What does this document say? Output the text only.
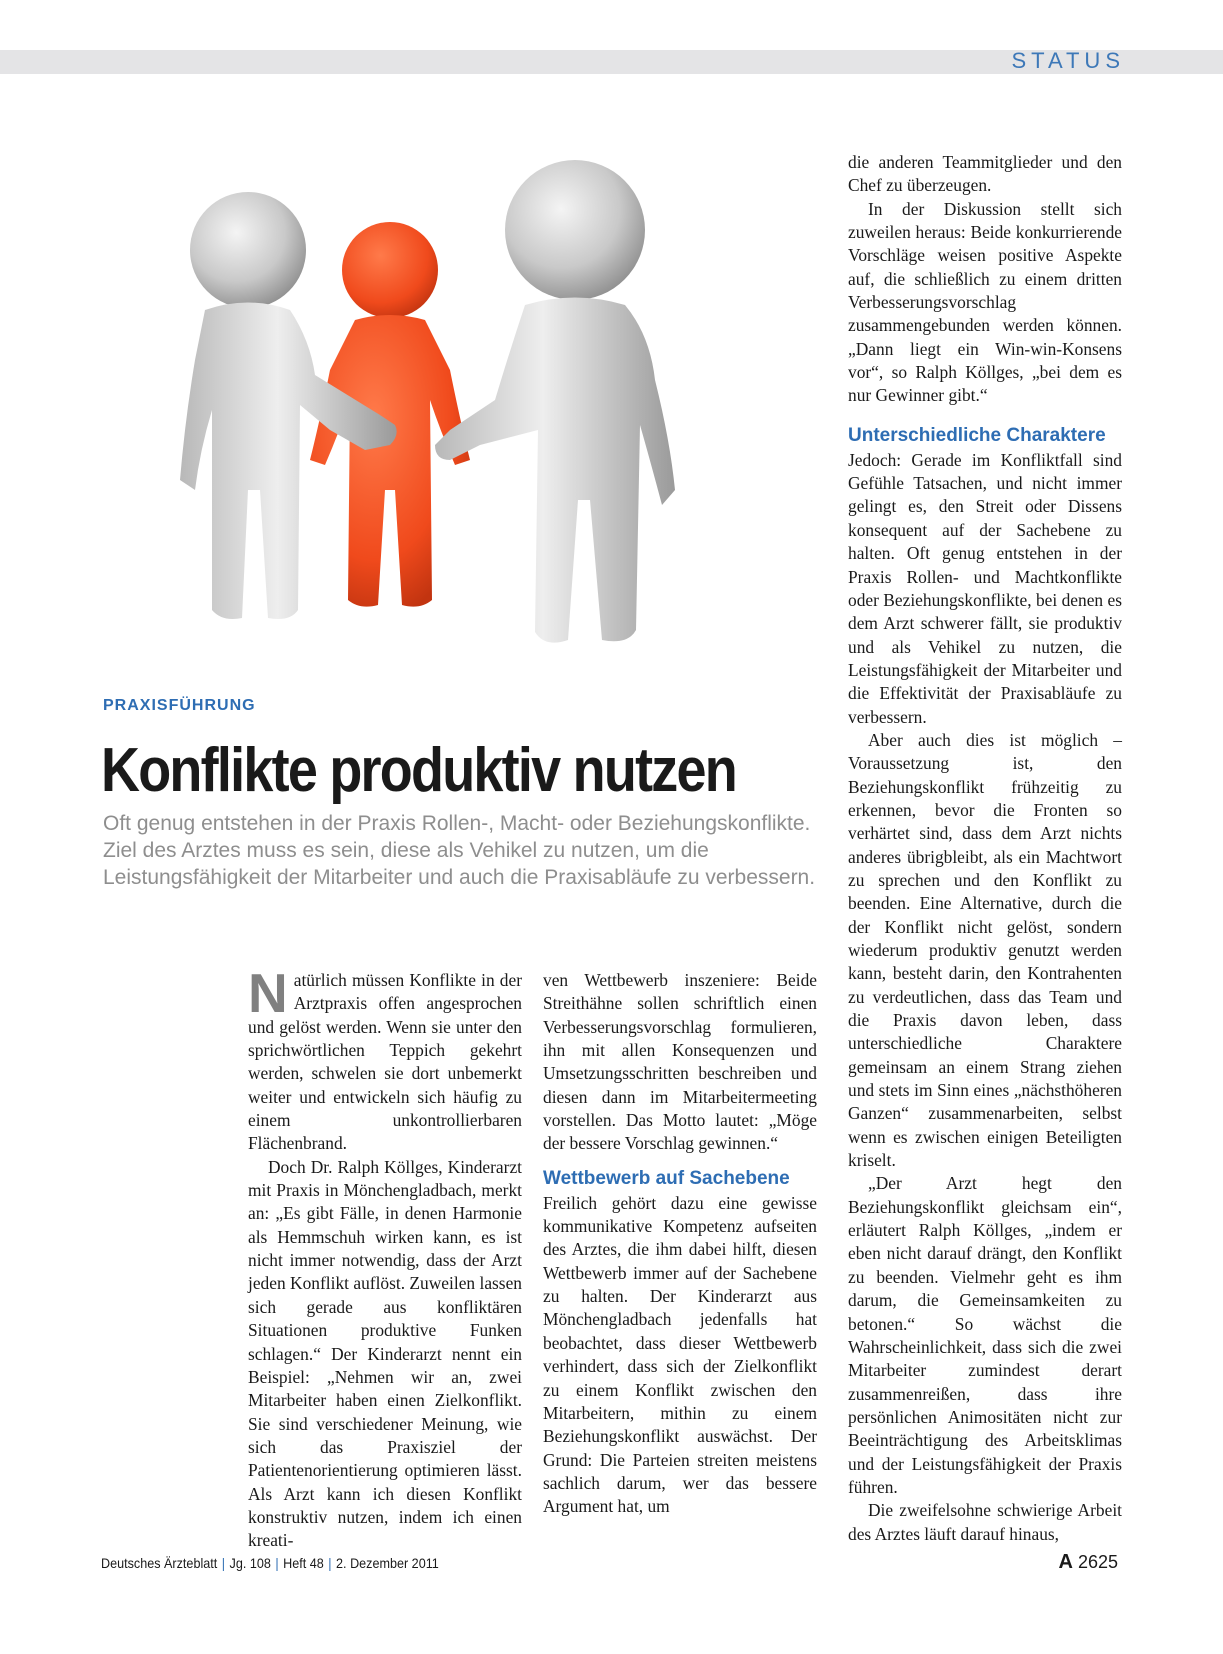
STATUS
PRAXISFÜHRUNG
Konflikte produktiv nutzen
Oft genug entstehen in der Praxis Rollen-, Macht- oder Beziehungskonflikte. Ziel des Arztes muss es sein, diese als Vehikel zu nutzen, um die Leistungsfähigkeit der Mitarbeiter und auch die Praxisabläufe zu verbessern.

Natürlich müssen Konflikte in der Arztpraxis offen angesprochen und gelöst werden. Wenn sie unter den sprichwörtlichen Teppich gekehrt werden, schwelen sie dort unbemerkt weiter und entwickeln sich häufig zu einem unkontrollierbaren Flächenbrand.

Doch Dr. Ralph Köllges, Kinderarzt mit Praxis in Mönchengladbach, merkt an: „Es gibt Fälle, in denen Harmonie als Hemmschuh wirken kann, es ist nicht immer notwendig, dass der Arzt jeden Konflikt auflöst. Zuweilen lassen sich gerade aus konfliktären Situationen produktive Funken schlagen.“ Der Kinderarzt nennt ein Beispiel: „Nehmen wir an, zwei Mitarbeiter haben einen Zielkonflikt. Sie sind verschiedener Meinung, wie sich das Praxisziel der Patientenorientierung optimieren lässt. Als Arzt kann ich diesen Konflikt konstruktiv nutzen, indem ich einen kreati-

ven Wettbewerb inszeniere: Beide Streithähne sollen schriftlich einen Verbesserungsvorschlag formulieren, ihn mit allen Konsequenzen und Umsetzungsschritten beschreiben und diesen dann im Mitarbeitermeeting vorstellen. Das Motto lautet: „Möge der bessere Vorschlag gewinnen.“

Wettbewerb auf Sachebene

Freilich gehört dazu eine gewisse kommunikative Kompetenz aufseiten des Arztes, die ihm dabei hilft, diesen Wettbewerb immer auf der Sachebene zu halten. Der Kinderarzt aus Mönchengladbach jedenfalls hat beobachtet, dass dieser Wettbewerb verhindert, dass sich der Zielkonflikt zu einem Konflikt zwischen den Mitarbeitern, mithin zu einem Beziehungskonflikt auswächst. Der Grund: Die Parteien streiten meistens sachlich darum, wer das bessere Argument hat, um

die anderen Teammitglieder und den Chef zu überzeugen.

In der Diskussion stellt sich zuweilen heraus: Beide konkurrierende Vorschläge weisen positive Aspekte auf, die schließlich zu einem dritten Verbesserungsvorschlag zusammengebunden werden können. „Dann liegt ein Win-win-Konsens vor“, so Ralph Köllges, „bei dem es nur Gewinner gibt.“

Unterschiedliche Charaktere

Jedoch: Gerade im Konfliktfall sind Gefühle Tatsachen, und nicht immer gelingt es, den Streit oder Dissens konsequent auf der Sachebene zu halten. Oft genug entstehen in der Praxis Rollen- und Machtkonflikte oder Beziehungskonflikte, bei denen es dem Arzt schwerer fällt, sie produktiv und als Vehikel zu nutzen, die Leistungsfähigkeit der Mitarbeiter und die Effektivität der Praxisabläufe zu verbessern.

Aber auch dies ist möglich – Voraussetzung ist, den Beziehungskonflikt frühzeitig zu erkennen, bevor die Fronten so verhärtet sind, dass dem Arzt nichts anderes übrigbleibt, als ein Machtwort zu sprechen und den Konflikt zu beenden. Eine Alternative, durch die der Konflikt nicht gelöst, sondern wiederum produktiv genutzt werden kann, besteht darin, den Kontrahenten zu verdeutlichen, dass das Team und die Praxis davon leben, dass unterschiedliche Charaktere gemeinsam an einem Strang ziehen und stets im Sinn eines „nächsthöheren Ganzen“ zusammenarbeiten, selbst wenn es zwischen einigen Beteiligten kriselt.

„Der Arzt hegt den Beziehungskonflikt gleichsam ein“, erläutert Ralph Köllges, „indem er eben nicht darauf drängt, den Konflikt zu beenden. Vielmehr geht es ihm darum, die Gemeinsamkeiten zu betonen.“ So wächst die Wahrscheinlichkeit, dass sich die zwei Mitarbeiter zumindest derart zusammenreißen, dass ihre persönlichen Animositäten nicht zur Beeinträchtigung des Arbeitsklimas und der Leistungsfähigkeit der Praxis führen.

Die zweifelsohne schwierige Arbeit des Arztes läuft darauf hinaus,

Deutsches Ärzteblatt | Jg. 108 | Heft 48 | 2. Dezember 2011	A 2625
